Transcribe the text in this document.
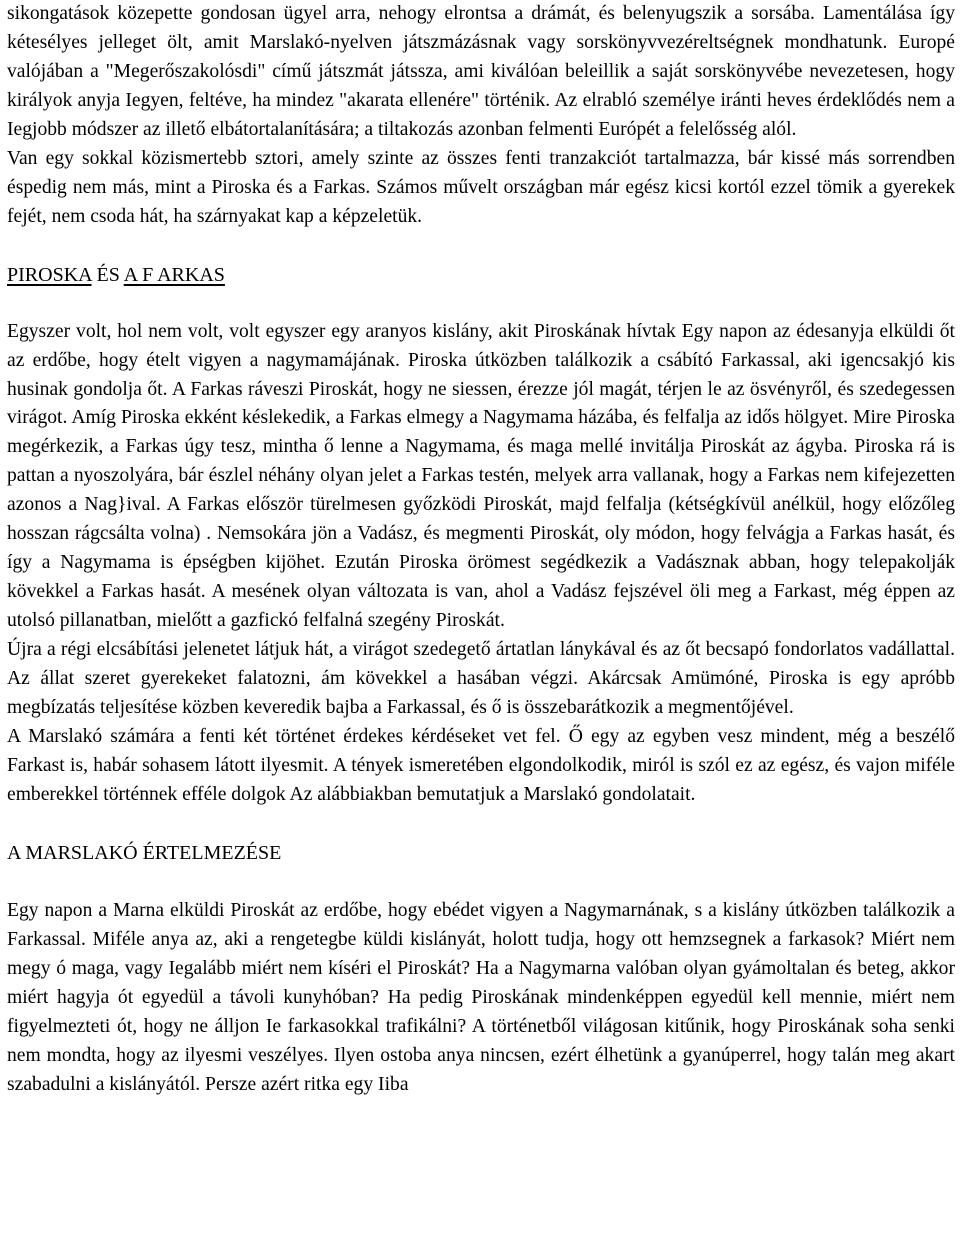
sikongatások közepette gondosan ügyel arra, nehogy elrontsa a drámát, és belenyugszik a sorsába. Lamentálása így kétesélyes jelleget ölt, amit Marslakó-nyelven játszmázásnak vagy sorskönyvvezéreltségnek mondhatunk. Europé valójában a "Megerőszakolósdi" című játszmát játssza, ami kiválóan beleillik a saját sorskönyvébe nevezetesen, hogy királyok anyja Iegyen, feltéve, ha mindez "akarata ellenére" történik. Az elrabló személye iránti heves érdeklődés nem a Iegjobb módszer az illető elbátortalanítására; a tiltakozás azonban felmenti Európét a felelősség alól.

Van egy sokkal közismertebb sztori, amely szinte az összes fenti tranzakciót tartalmazza, bár kissé más sorrendben éspedig nem más, mint a Piroska és a Farkas. Számos művelt országban már egész kicsi kortól ezzel tömik a gyerekek fejét, nem csoda hát, ha szárnyakat kap a képzeletük.

PIROSKA ÉS A F ARKAS

Egyszer volt, hol nem volt, volt egyszer egy aranyos kislány, akit Piroskának hívtak Egy napon az édesanyja elküldi őt az erdőbe, hogy ételt vigyen a nagymamájának. Piroska útközben találkozik a csábító Farkassal, aki igencsakjó kis husinak gondolja őt. A Farkas ráveszi Piroskát, hogy ne siessen, érezze jól magát, térjen le az ösvényről, és szedegessen virágot. Amíg Piroska ekként késlekedik, a Farkas elmegy a Nagymama házába, és felfalja az idős hölgyet. Mire Piroska megérkezik, a Farkas úgy tesz, mintha ő lenne a Nagymama, és maga mellé invitálja Piroskát az ágyba. Piroska rá is pattan a nyoszolyára, bár észlel néhány olyan jelet a Farkas testén, melyek arra vallanak, hogy a Farkas nem kifejezetten azonos a Nag}ival. A Farkas először türelmesen győzködi Piroskát, majd felfalja (kétségkívül anélkül, hogy előzőleg hosszan rágcsálta volna) . Nemsokára jön a Vadász, és megmenti Piroskát, oly módon, hogy felvágja a Farkas hasát, és így a Nagymama is épségben kijöhet. Ezután Piroska örömest segédkezik a Vadásznak abban, hogy telepakolják kövekkel a Farkas hasát. A mesének olyan változata is van, ahol a Vadász fejszével öli meg a Farkast, még éppen az utolsó pillanatban, mielőtt a gazfickó felfalná szegény Piroskát.

Újra a régi elcsábítási jelenetet látjuk hát, a virágot szedegető ártatlan lánykával és az őt becsapó fondorlatos vadállattal. Az állat szeret gyerekeket falatozni, ám kövekkel a hasában végzi. Akárcsak Amümóné, Piroska is egy apróbb megbízatás teljesítése közben keveredik bajba a Farkassal, és ő is összebarátkozik a megmentőjével.

A Marslakó számára a fenti két történet érdekes kérdéseket vet fel. Ő egy az egyben vesz mindent, még a beszélő Farkast is, habár sohasem látott ilyesmit. A tények ismeretében elgondolkodik, miról is szól ez az egész, és vajon miféle emberekkel történnek efféle dolgok Az alábbiakban bemutatjuk a Marslakó gondolatait.

A MARSLAKÓ ÉRTELMEZÉSE

Egy napon a Marna elküldi Piroskát az erdőbe, hogy ebédet vigyen a Nagymarnának, s a kislány útközben találkozik a Farkassal. Miféle anya az, aki a rengetegbe küldi kislányát, holott tudja, hogy ott hemzsegnek a farkasok? Miért nem megy ó maga, vagy Iegalább miért nem kíséri el Piroskát? Ha a Nagymarna valóban olyan gyámoltalan és beteg, akkor miért hagyja ót egyedül a távoli kunyhóban? Ha pedig Piroskának mindenképpen egyedül kell mennie, miért nem figyelmezteti ót, hogy ne álljon Ie farkasokkal trafikálni? A történetből világosan kitűnik, hogy Piroskának soha senki nem mondta, hogy az ilyesmi veszélyes. Ilyen ostoba anya nincsen, ezért élhetünk a gyanúperrel, hogy talán meg akart szabadulni a kislányától. Persze azért ritka egy Iiba
